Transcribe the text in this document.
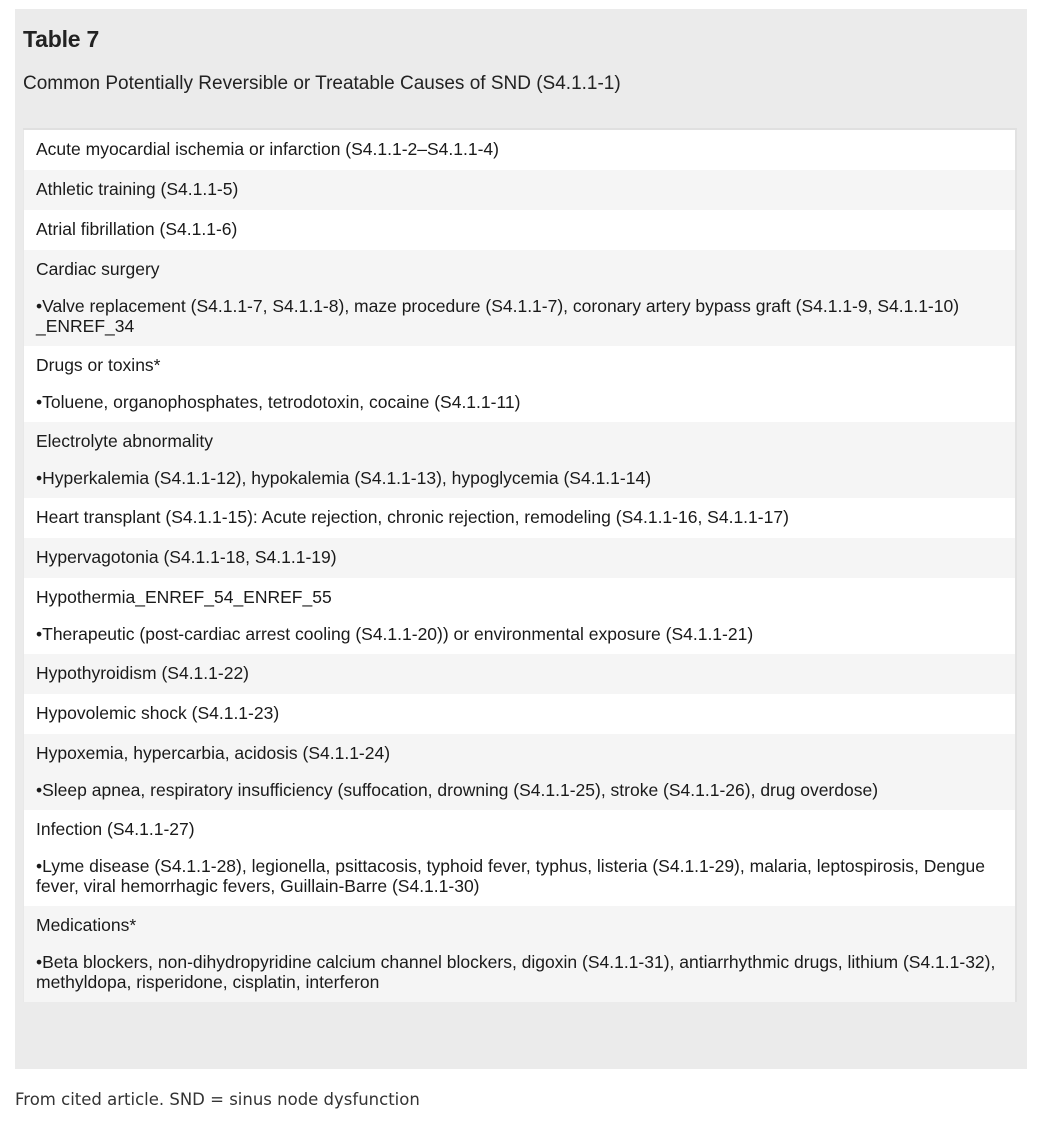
Table 7
Common Potentially Reversible or Treatable Causes of SND (S4.1.1-1)
Acute myocardial ischemia or infarction (S4.1.1-2–S4.1.1-4)
Athletic training (S4.1.1-5)
Atrial fibrillation (S4.1.1-6)
Cardiac surgery
•Valve replacement (S4.1.1-7, S4.1.1-8), maze procedure (S4.1.1-7), coronary artery bypass graft (S4.1.1-9, S4.1.1-10) _ENREF_34
Drugs or toxins*
•Toluene, organophosphates, tetrodotoxin, cocaine (S4.1.1-11)
Electrolyte abnormality
•Hyperkalemia (S4.1.1-12), hypokalemia (S4.1.1-13), hypoglycemia (S4.1.1-14)
Heart transplant (S4.1.1-15): Acute rejection, chronic rejection, remodeling (S4.1.1-16, S4.1.1-17)
Hypervagotonia (S4.1.1-18, S4.1.1-19)
Hypothermia_ENREF_54_ENREF_55
•Therapeutic (post-cardiac arrest cooling (S4.1.1-20)) or environmental exposure (S4.1.1-21)
Hypothyroidism (S4.1.1-22)
Hypovolemic shock (S4.1.1-23)
Hypoxemia, hypercarbia, acidosis (S4.1.1-24)
•Sleep apnea, respiratory insufficiency (suffocation, drowning (S4.1.1-25), stroke (S4.1.1-26), drug overdose)
Infection (S4.1.1-27)
•Lyme disease (S4.1.1-28), legionella, psittacosis, typhoid fever, typhus, listeria (S4.1.1-29), malaria, leptospirosis, Dengue fever, viral hemorrhagic fevers, Guillain-Barre (S4.1.1-30)
Medications*
•Beta blockers, non-dihydropyridine calcium channel blockers, digoxin (S4.1.1-31), antiarrhythmic drugs, lithium (S4.1.1-32), methyldopa, risperidone, cisplatin, interferon
From cited article. SND = sinus node dysfunction
